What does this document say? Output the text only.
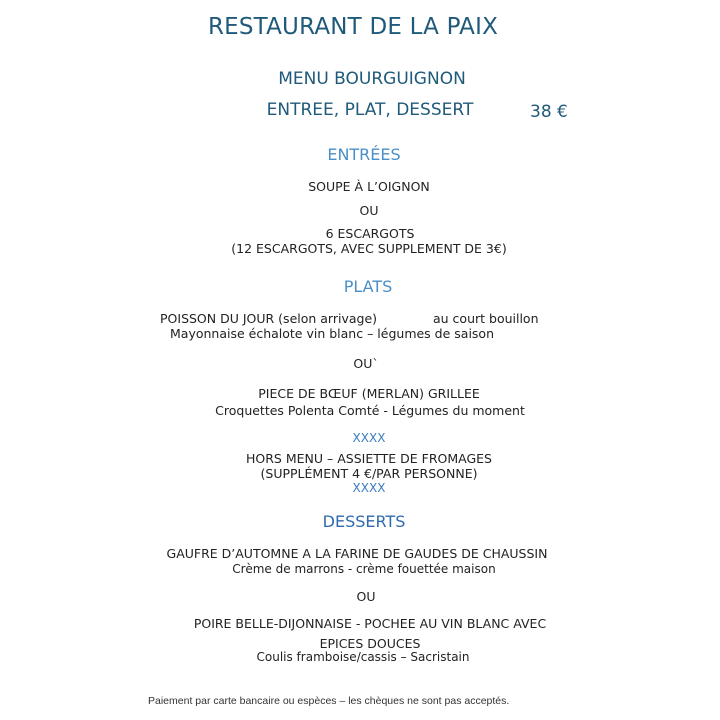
RESTAURANT DE LA PAIX
MENU BOURGUIGNON
ENTREE, PLAT, DESSERT	38 €
ENTRÉES
SOUPE À L’OIGNON
OU
6 ESCARGOTS
(12 ESCARGOTS, AVEC SUPPLEMENT DE 3€)
PLATS
POISSON DU JOUR (selon arrivage)	au court bouillon
Mayonnaise échalote vin blanc – légumes de saison
OU`
PIECE DE BŒUF (MERLAN) GRILLEE
Croquettes Polenta Comté - Légumes du moment
XXXX
HORS MENU – ASSIETTE DE FROMAGES
(SUPPLÉMENT 4 €/PAR PERSONNE)
XXXX
DESSERTS
GAUFRE D’AUTOMNE A LA FARINE DE GAUDES DE CHAUSSIN
Crème de marrons - crème fouettée maison
OU
POIRE BELLE-DIJONNAISE - POCHEE AU VIN BLANC AVEC
EPICES DOUCES
Coulis framboise/cassis – Sacristain
Paiement par carte bancaire ou espèces – les chèques ne sont pas acceptés.
